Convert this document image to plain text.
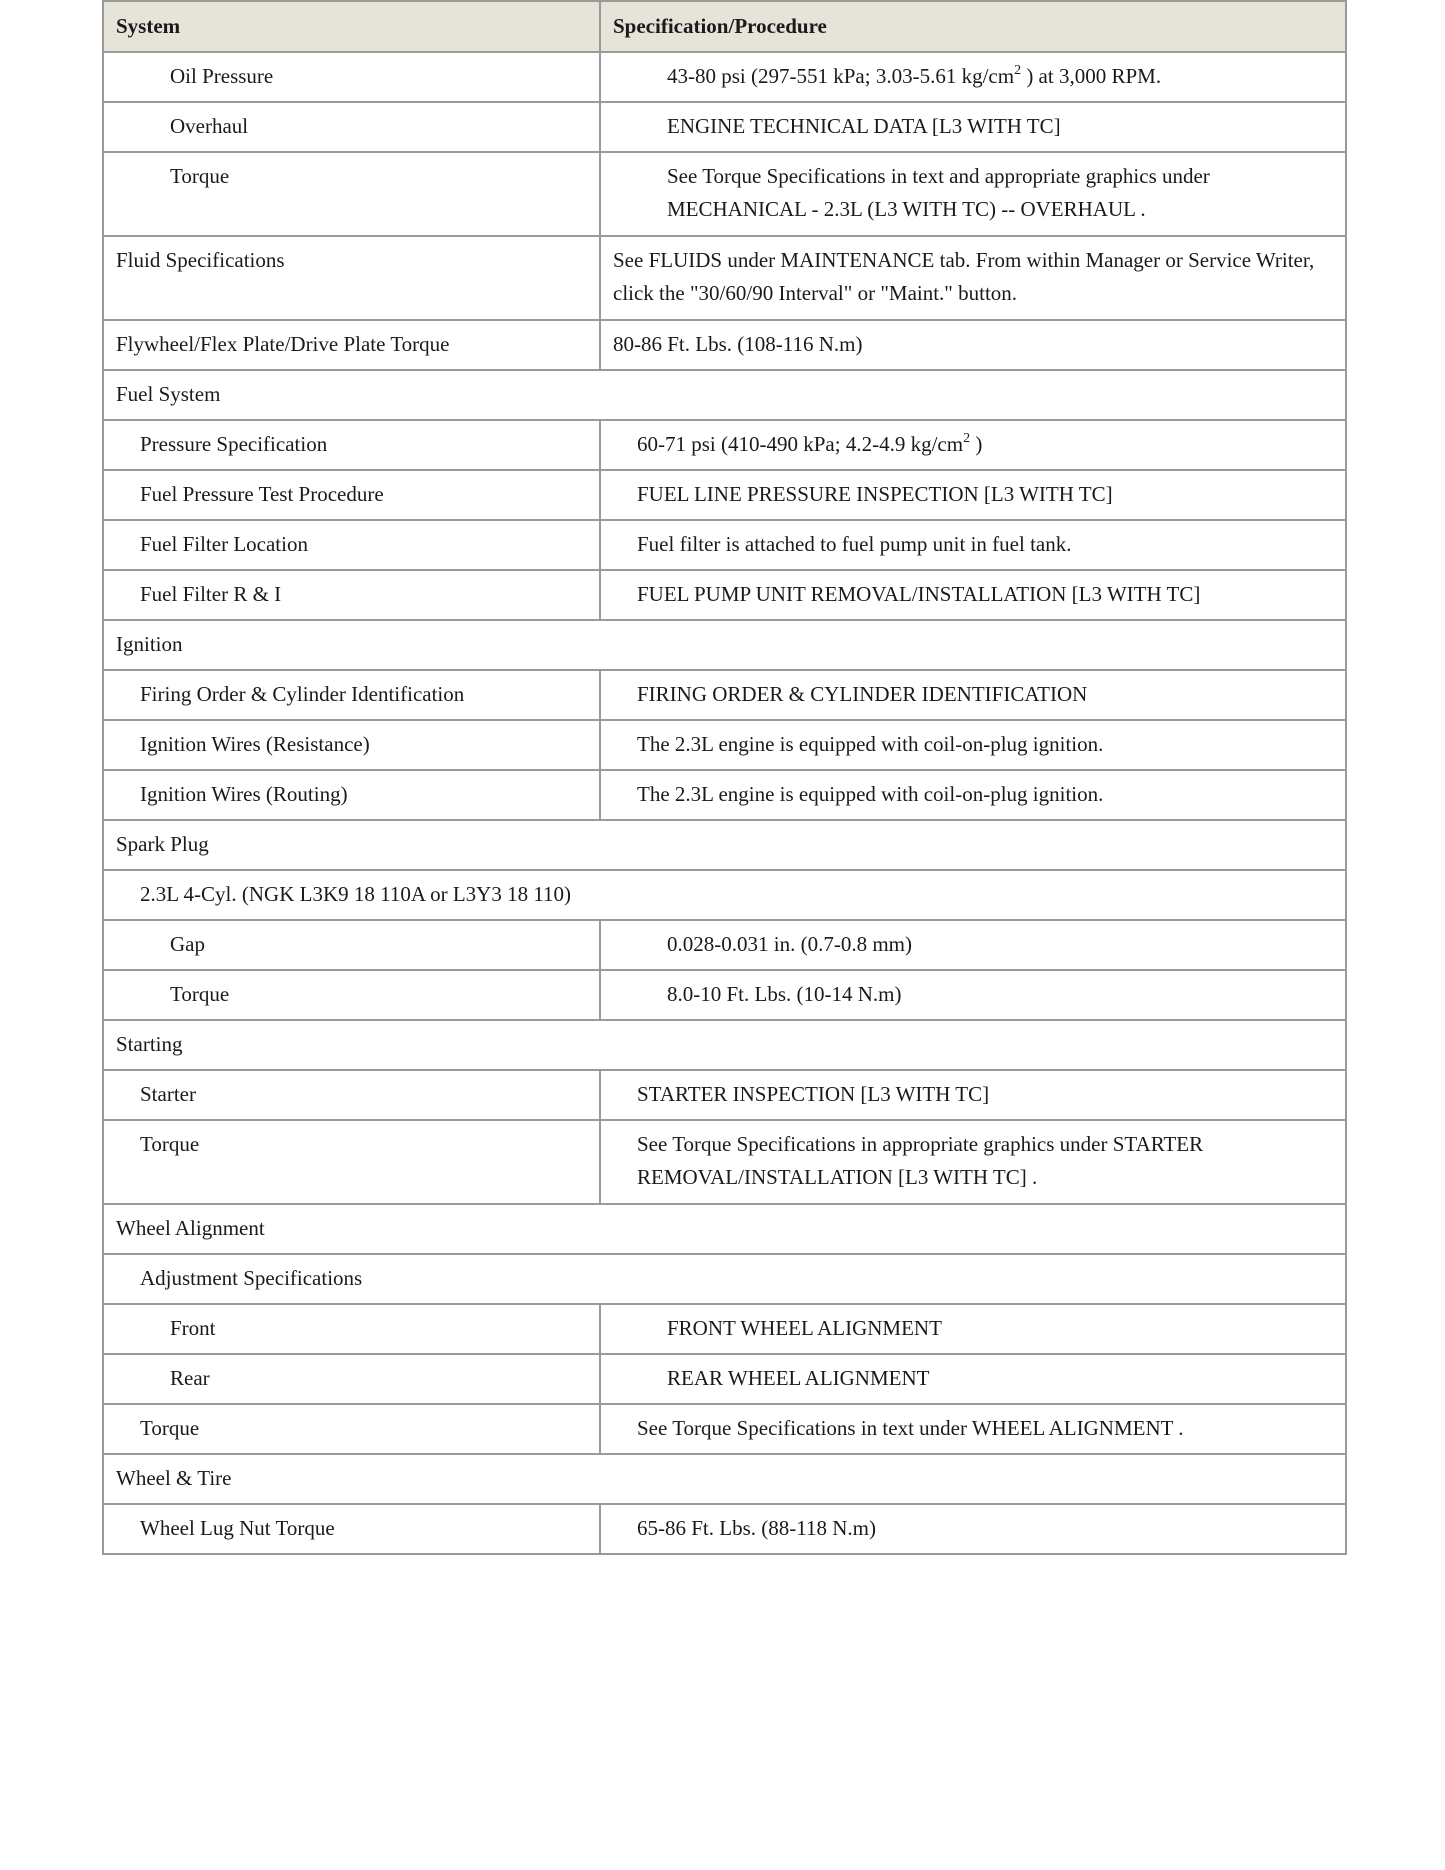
System	Specification/Procedure
Oil Pressure	43-80 psi (297-551 kPa; 3.03-5.61 $kg/cm^2$ ) at 3,000 RPM.
Overhaul	ENGINE TECHNICAL DATA [L3 WITH TC]
Torque	See Torque Specifications in text and appropriate graphics under MECHANICAL - 2.3L (L3 WITH TC) -- OVERHAUL .
Fluid Specifications	See FLUIDS under MAINTENANCE tab. From within Manager or Service Writer, click the "30/60/90 Interval" or "Maint." button.
Flywheel/Flex Plate/Drive Plate Torque	80-86 Ft. Lbs. (108-116 N.m)
Fuel System	
Pressure Specification	60-71 psi (410-490 kPa; 4.2-4.9 $kg/cm^2$ )
Fuel Pressure Test Procedure	FUEL LINE PRESSURE INSPECTION [L3 WITH TC]
Fuel Filter Location	Fuel filter is attached to fuel pump unit in fuel tank.
Fuel Filter R & I	FUEL PUMP UNIT REMOVAL/INSTALLATION [L3 WITH TC]
Ignition	
Firing Order & Cylinder Identification	FIRING ORDER & CYLINDER IDENTIFICATION
Ignition Wires (Resistance)	The 2.3L engine is equipped with coil-on-plug ignition.
Ignition Wires (Routing)	The 2.3L engine is equipped with coil-on-plug ignition.
Spark Plug	
2.3L 4-Cyl. (NGK L3K9 18 110A or L3Y3 18 110)	
Gap	0.028-0.031 in. (0.7-0.8 mm)
Torque	8.0-10 Ft. Lbs. (10-14 N.m)
Starting	
Starter	STARTER INSPECTION [L3 WITH TC]
Torque	See Torque Specifications in appropriate graphics under STARTER REMOVAL/INSTALLATION [L3 WITH TC] .
Wheel Alignment	
Adjustment Specifications	
Front	FRONT WHEEL ALIGNMENT
Rear	REAR WHEEL ALIGNMENT
Torque	See Torque Specifications in text under WHEEL ALIGNMENT .
Wheel & Tire	
Wheel Lug Nut Torque	65-86 Ft. Lbs. (88-118 N.m)
